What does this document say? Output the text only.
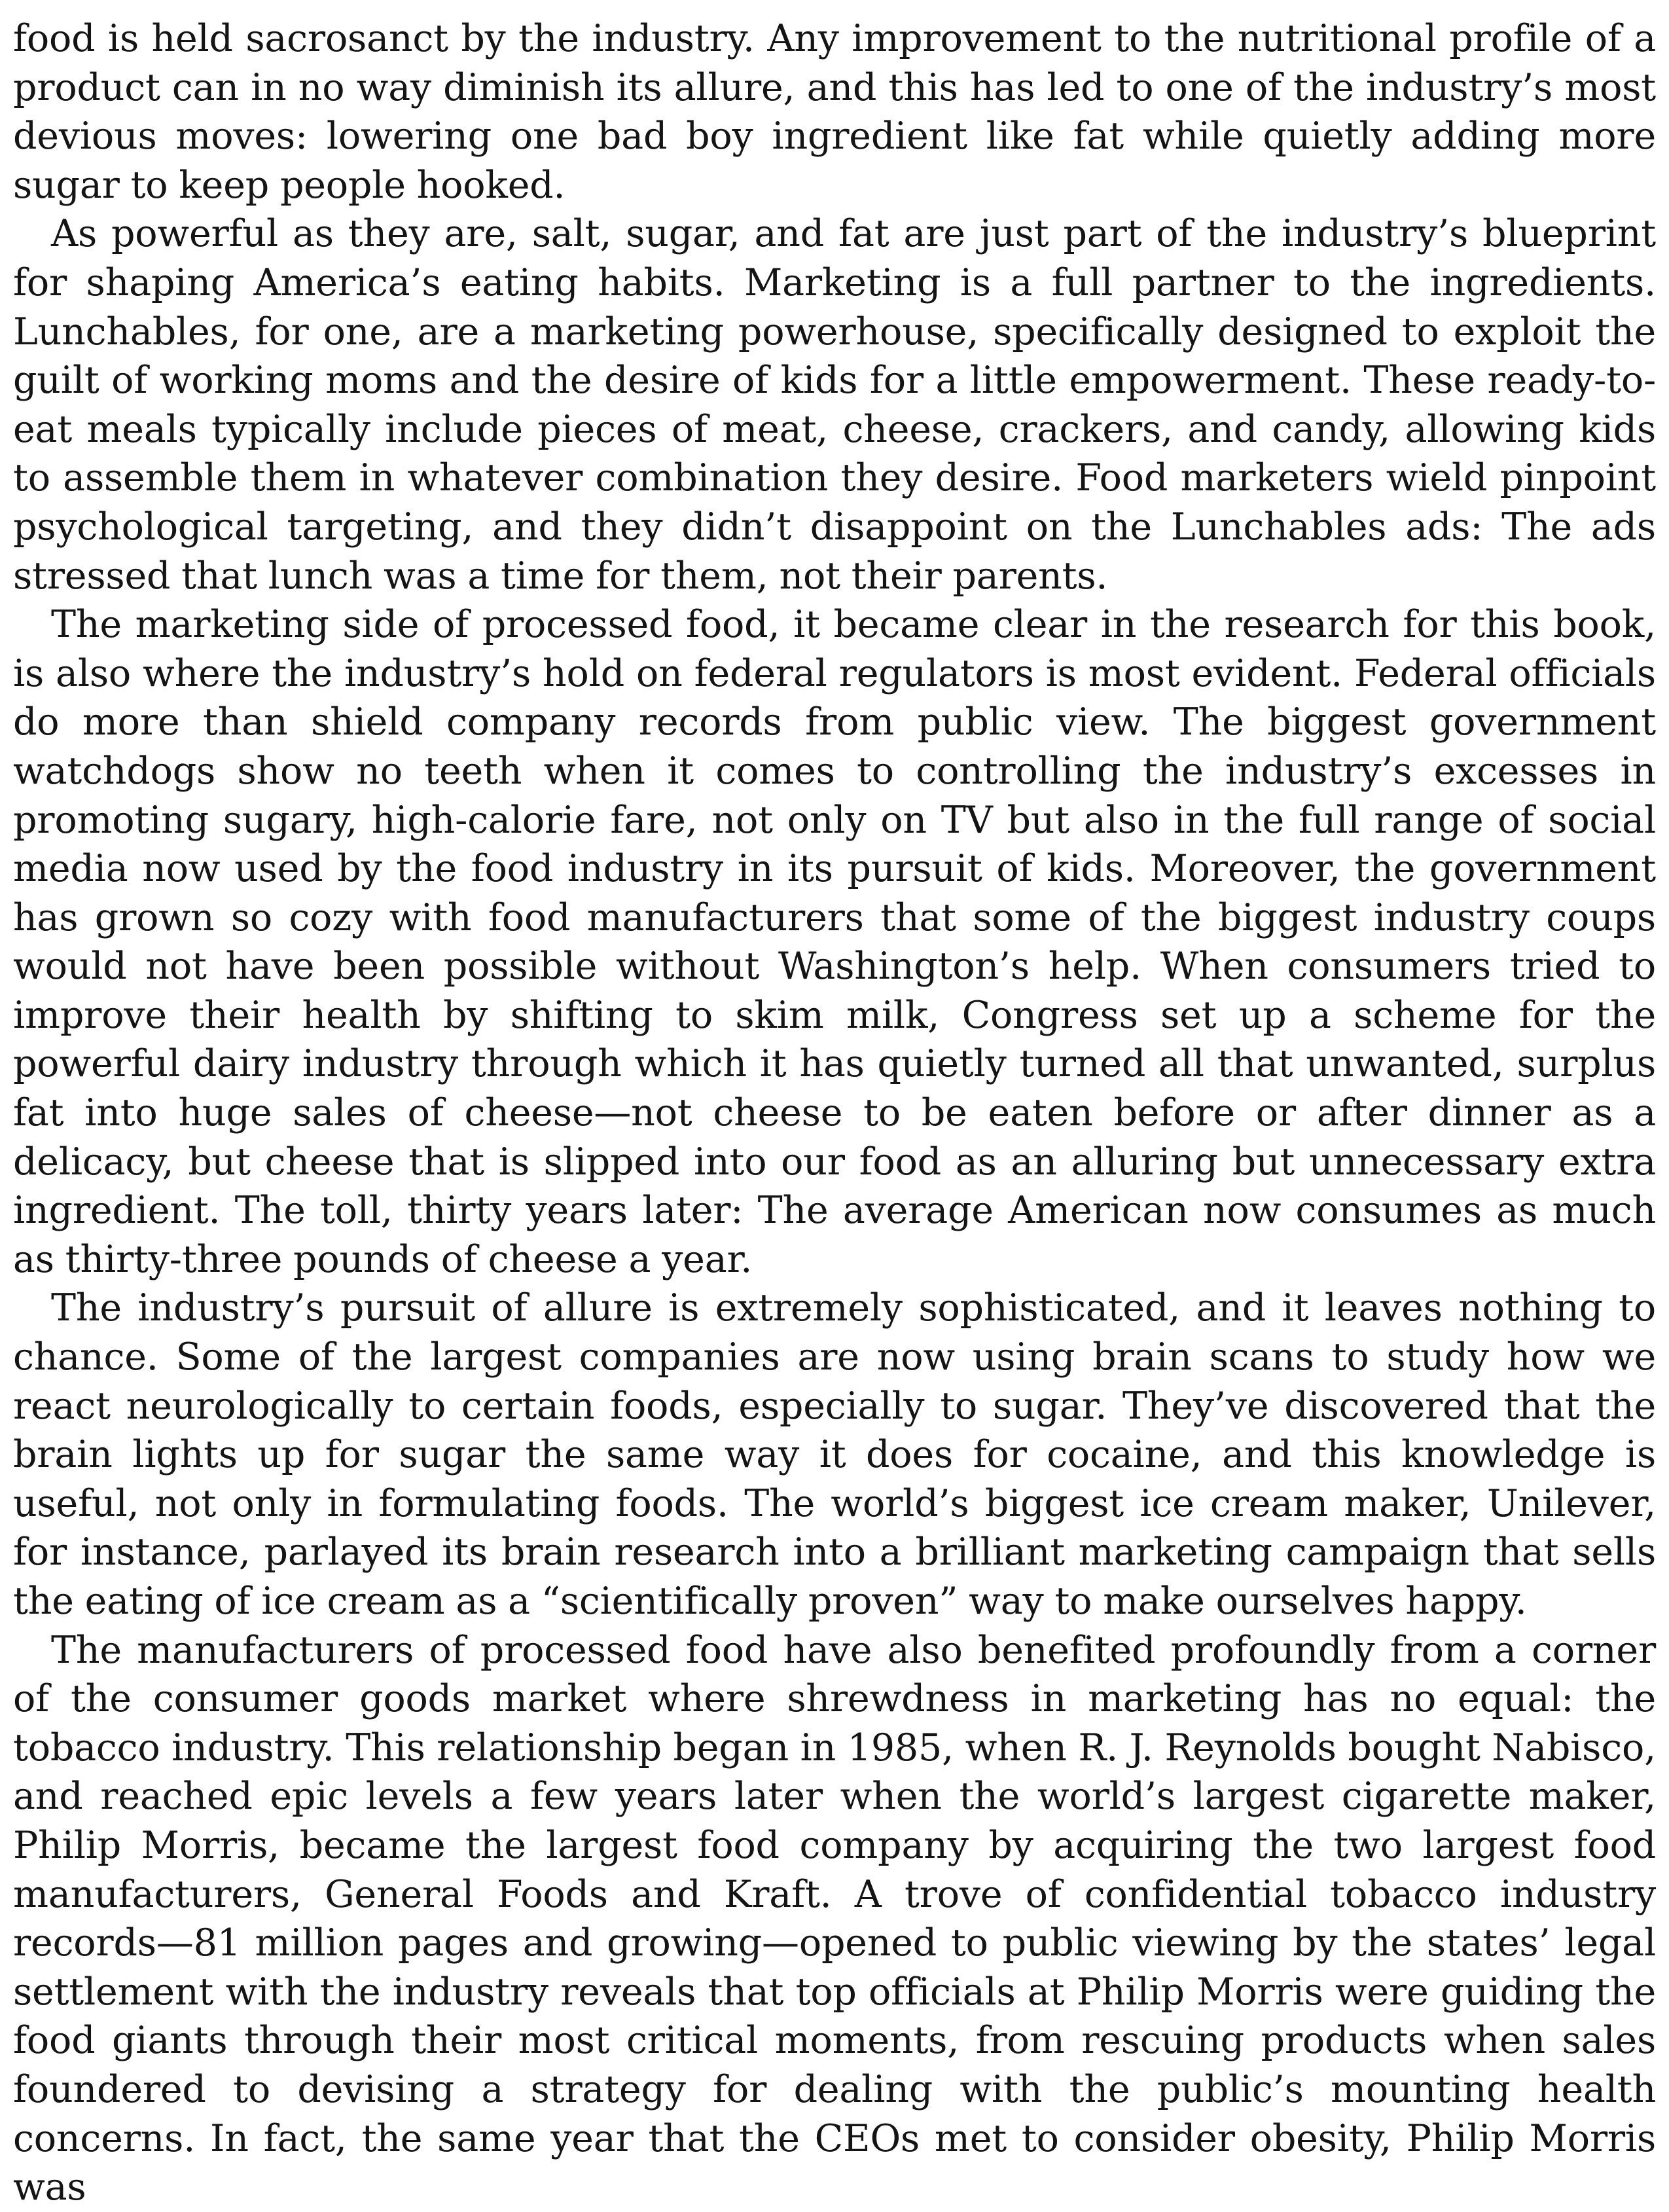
food is held sacrosanct by the industry. Any improvement to the nutritional profile of a product can in no way diminish its allure, and this has led to one of the industry’s most devious moves: lowering one bad boy ingredient like fat while quietly adding more sugar to keep people hooked.

As powerful as they are, salt, sugar, and fat are just part of the industry’s blueprint for shaping America’s eating habits. Marketing is a full partner to the ingredients. Lunchables, for one, are a marketing powerhouse, specifically designed to exploit the guilt of working moms and the desire of kids for a little empowerment. These ready-to-eat meals typically include pieces of meat, cheese, crackers, and candy, allowing kids to assemble them in whatever combination they desire. Food marketers wield pinpoint psychological targeting, and they didn’t disappoint on the Lunchables ads: The ads stressed that lunch was a time for them, not their parents.

The marketing side of processed food, it became clear in the research for this book, is also where the industry’s hold on federal regulators is most evident. Federal officials do more than shield company records from public view. The biggest government watchdogs show no teeth when it comes to controlling the industry’s excesses in promoting sugary, high-calorie fare, not only on TV but also in the full range of social media now used by the food industry in its pursuit of kids. Moreover, the government has grown so cozy with food manufacturers that some of the biggest industry coups would not have been possible without Washington’s help. When consumers tried to improve their health by shifting to skim milk, Congress set up a scheme for the powerful dairy industry through which it has quietly turned all that unwanted, surplus fat into huge sales of cheese—not cheese to be eaten before or after dinner as a delicacy, but cheese that is slipped into our food as an alluring but unnecessary extra ingredient. The toll, thirty years later: The average American now consumes as much as thirty-three pounds of cheese a year.

The industry’s pursuit of allure is extremely sophisticated, and it leaves nothing to chance. Some of the largest companies are now using brain scans to study how we react neurologically to certain foods, especially to sugar. They’ve discovered that the brain lights up for sugar the same way it does for cocaine, and this knowledge is useful, not only in formulating foods. The world’s biggest ice cream maker, Unilever, for instance, parlayed its brain research into a brilliant marketing campaign that sells the eating of ice cream as a “scientifically proven” way to make ourselves happy.

The manufacturers of processed food have also benefited profoundly from a corner of the consumer goods market where shrewdness in marketing has no equal: the tobacco industry. This relationship began in 1985, when R. J. Reynolds bought Nabisco, and reached epic levels a few years later when the world’s largest cigarette maker, Philip Morris, became the largest food company by acquiring the two largest food manufacturers, General Foods and Kraft. A trove of confidential tobacco industry records—81 million pages and growing—opened to public viewing by the states’ legal settlement with the industry reveals that top officials at Philip Morris were guiding the food giants through their most critical moments, from rescuing products when sales foundered to devising a strategy for dealing with the public’s mounting health concerns. In fact, the same year that the CEOs met to consider obesity, Philip Morris was
